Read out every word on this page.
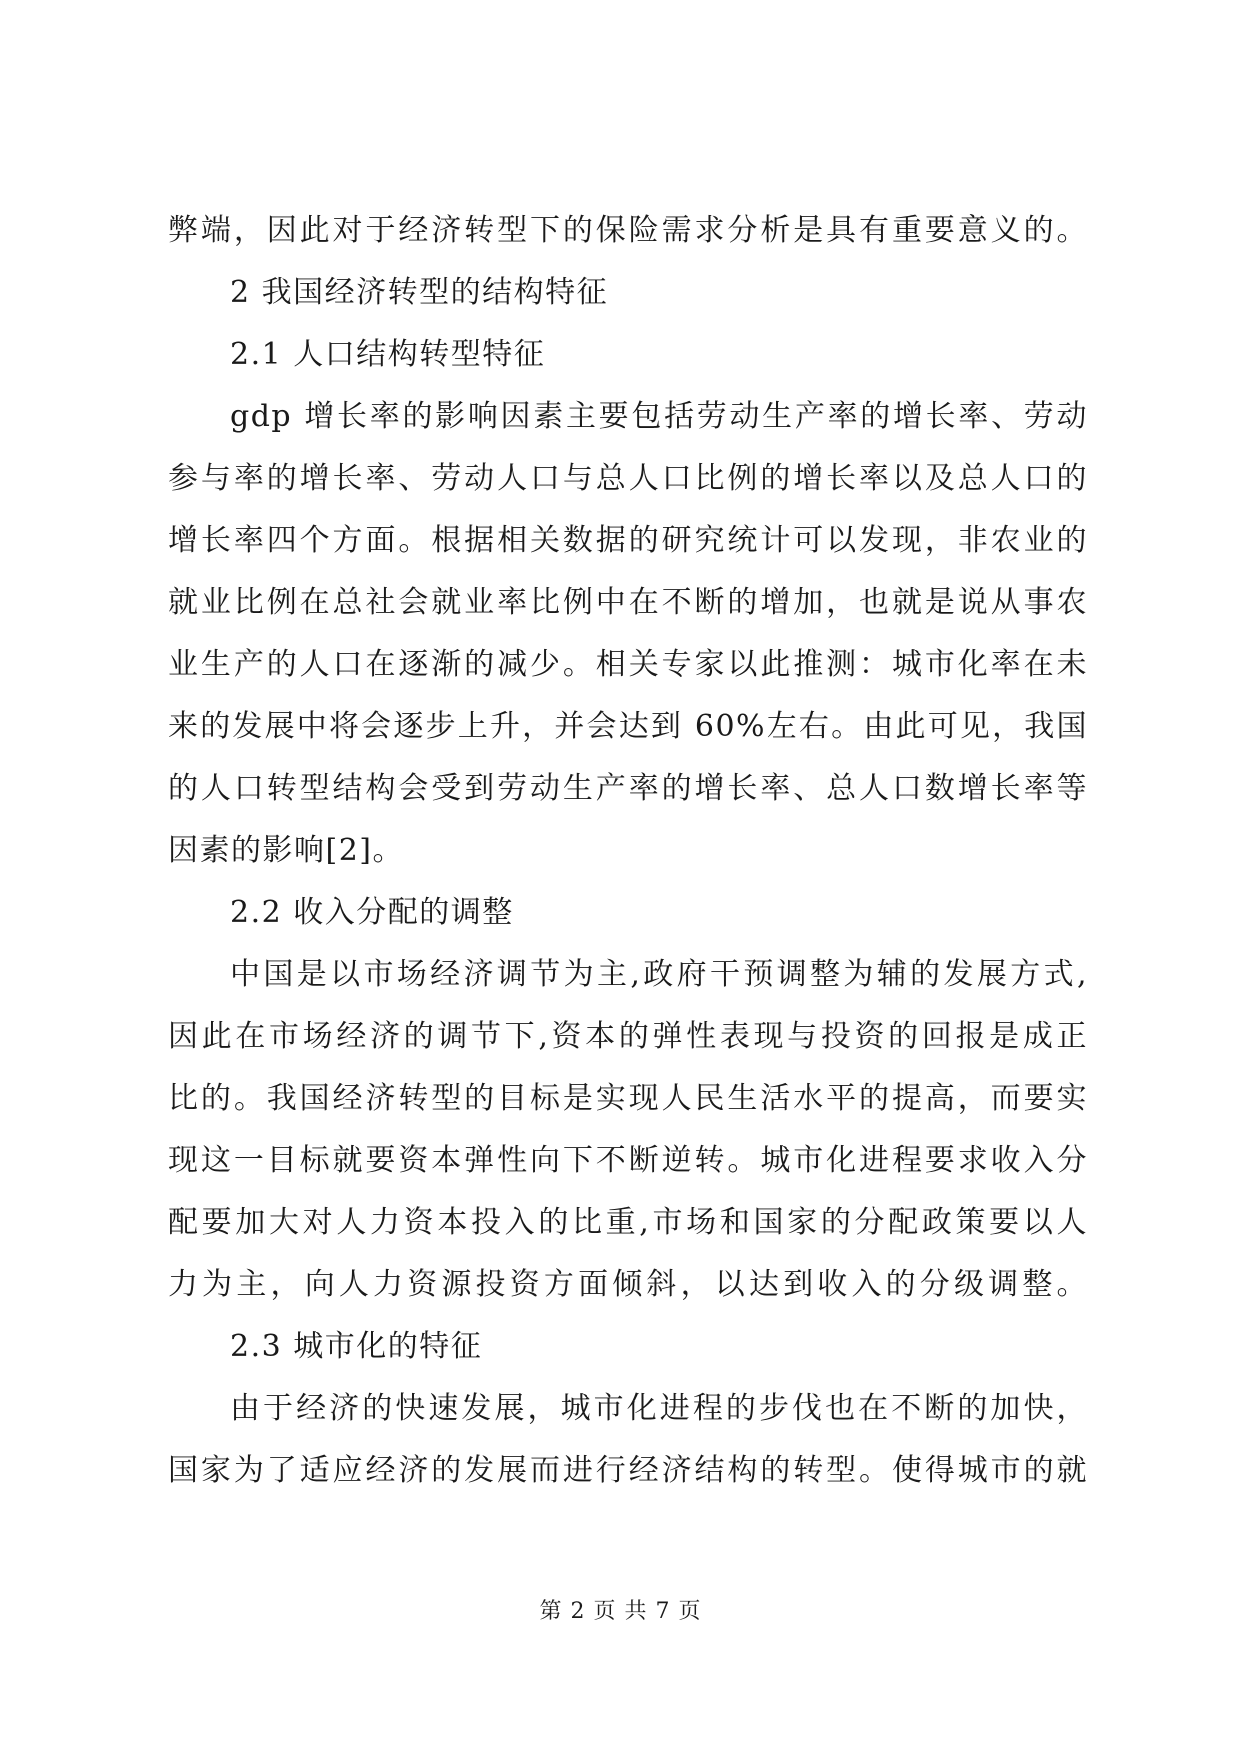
弊端，因此对于经济转型下的保险需求分析是具有重要意义的。
2 我国经济转型的结构特征
2.1 人口结构转型特征
gdp 增长率的影响因素主要包括劳动生产率的增长率、劳动
参与率的增长率、劳动人口与总人口比例的增长率以及总人口的
增长率四个方面。根据相关数据的研究统计可以发现，非农业的
就业比例在总社会就业率比例中在不断的增加，也就是说从事农
业生产的人口在逐渐的减少。相关专家以此推测：城市化率在未
来的发展中将会逐步上升，并会达到 60%左右。由此可见，我国
的人口转型结构会受到劳动生产率的增长率、总人口数增长率等
因素的影响[2]。
2.2 收入分配的调整
中国是以市场经济调节为主,政府干预调整为辅的发展方式,
因此在市场经济的调节下,资本的弹性表现与投资的回报是成正
比的。我国经济转型的目标是实现人民生活水平的提高，而要实
现这一目标就要资本弹性向下不断逆转。城市化进程要求收入分
配要加大对人力资本投入的比重,市场和国家的分配政策要以人
力为主，向人力资源投资方面倾斜，以达到收入的分级调整。
2.3 城市化的特征
由于经济的快速发展，城市化进程的步伐也在不断的加快，
国家为了适应经济的发展而进行经济结构的转型。使得城市的就
第 2 页 共 7 页
